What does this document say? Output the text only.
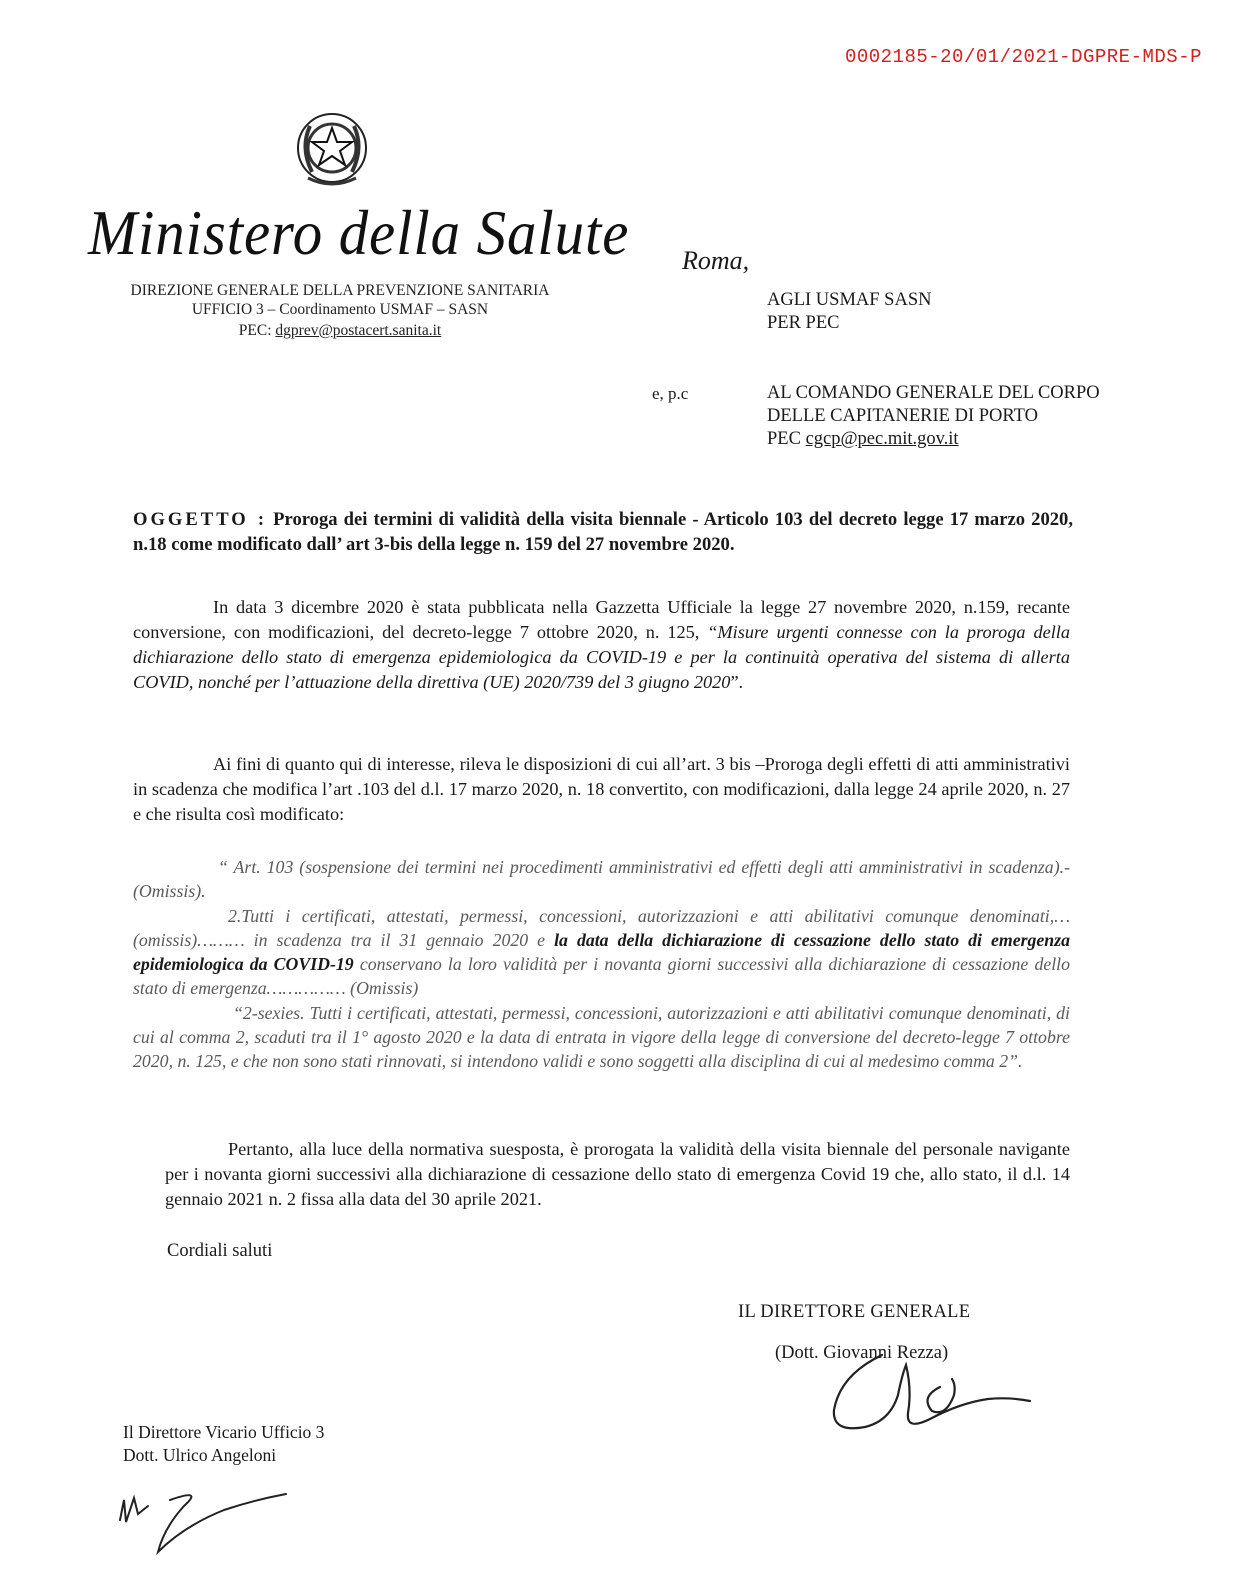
0002185-20/01/2021-DGPRE-MDS-P
Ministero della Salute
DIREZIONE GENERALE DELLA PREVENZIONE SANITARIA
UFFICIO 3 – Coordinamento USMAF – SASN
PEC: dgprev@postacert.sanita.it
Roma,
AGLI USMAF SASN
PER PEC
e, p.c	AL COMANDO GENERALE DEL CORPO
DELLE CAPITANERIE DI PORTO
PEC cgcp@pec.mit.gov.it
OGGETTO : Proroga dei termini di validità della visita biennale - Articolo 103 del decreto legge 17 marzo 2020, n.18 come modificato dall’ art 3-bis della legge n. 159 del 27 novembre 2020.
In data 3 dicembre 2020 è stata pubblicata nella Gazzetta Ufficiale la legge 27 novembre 2020, n.159, recante conversione, con modificazioni, del decreto-legge 7 ottobre 2020, n. 125, “Misure urgenti connesse con la proroga della dichiarazione dello stato di emergenza epidemiologica da COVID-19 e per la continuità operativa del sistema di allerta COVID, nonché per l’attuazione della direttiva (UE) 2020/739 del 3 giugno 2020”.
Ai fini di quanto qui di interesse, rileva le disposizioni di cui all’art. 3 bis –Proroga degli effetti di atti amministrativi in scadenza che modifica l’art .103 del d.l. 17 marzo 2020, n. 18 convertito, con modificazioni, dalla legge 24 aprile 2020, n. 27 e che risulta così modificato:
“ Art. 103 (sospensione dei termini nei procedimenti amministrativi ed effetti degli atti amministrativi in scadenza).- (Omissis).
2.Tutti i certificati, attestati, permessi, concessioni, autorizzazioni e atti abilitativi comunque denominati,… (omissis)……… in scadenza tra il 31 gennaio 2020 e la data della dichiarazione di cessazione dello stato di emergenza epidemiologica da COVID-19 conservano la loro validità per i novanta giorni successivi alla dichiarazione di cessazione dello stato di emergenza…………… (Omissis)
“2-sexies. Tutti i certificati, attestati, permessi, concessioni, autorizzazioni e atti abilitativi comunque denominati, di cui al comma 2, scaduti tra il 1° agosto 2020 e la data di entrata in vigore della legge di conversione del decreto-legge 7 ottobre 2020, n. 125, e che non sono stati rinnovati, si intendono validi e sono soggetti alla disciplina di cui al medesimo comma 2”.
Pertanto, alla luce della normativa suesposta, è prorogata la validità della visita biennale del personale navigante per i novanta giorni successivi alla dichiarazione di cessazione dello stato di emergenza Covid 19 che, allo stato, il d.l. 14 gennaio 2021 n. 2 fissa alla data del 30 aprile 2021.
Cordiali saluti
IL DIRETTORE GENERALE
(Dott. Giovanni Rezza)
Il Direttore Vicario Ufficio 3
Dott. Ulrico Angeloni
